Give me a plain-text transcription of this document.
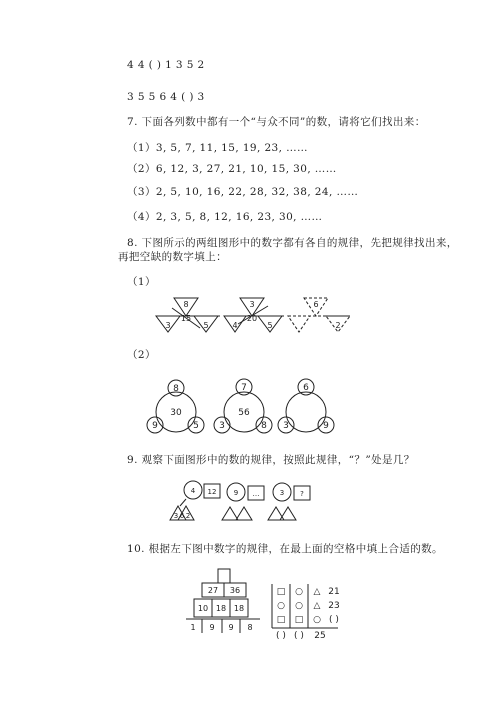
4 4 ( ) 1 3 5 2
3 5 5 6 4 ( ) 3
7. 下面各列数中都有一个“与众不同”的数，请将它们找出来：
（1）3, 5, 7, 11, 15, 19, 23, ……
（2）6, 12, 3, 27, 21, 10, 15, 30, ……
（3）2, 5, 10, 16, 22, 28, 32, 38, 24, ……
（4）2, 3, 5, 8, 12, 16, 23, 30, ……
8. 下图所示的两组图形中的数字都有各自的规律，先把规律找出来，
再把空缺的数字填上：
（1）
（2）
9. 观察下面图形中的数的规律，按照此规律，“？”处是几？
10. 根据左下图中数字的规律，在最上面的空格中填上合适的数。
8
15
3	5
3
20
4	5
6
2
8
30
9	5
7
56
3	8
6
3	9
4 12
3 6 2
9 …	3 ?
27 36
10 18 18
1 9 9 8
□ ○ △ 21
○ ○ △ 23
□ □ ○ ( )
( ) ( ) 25
